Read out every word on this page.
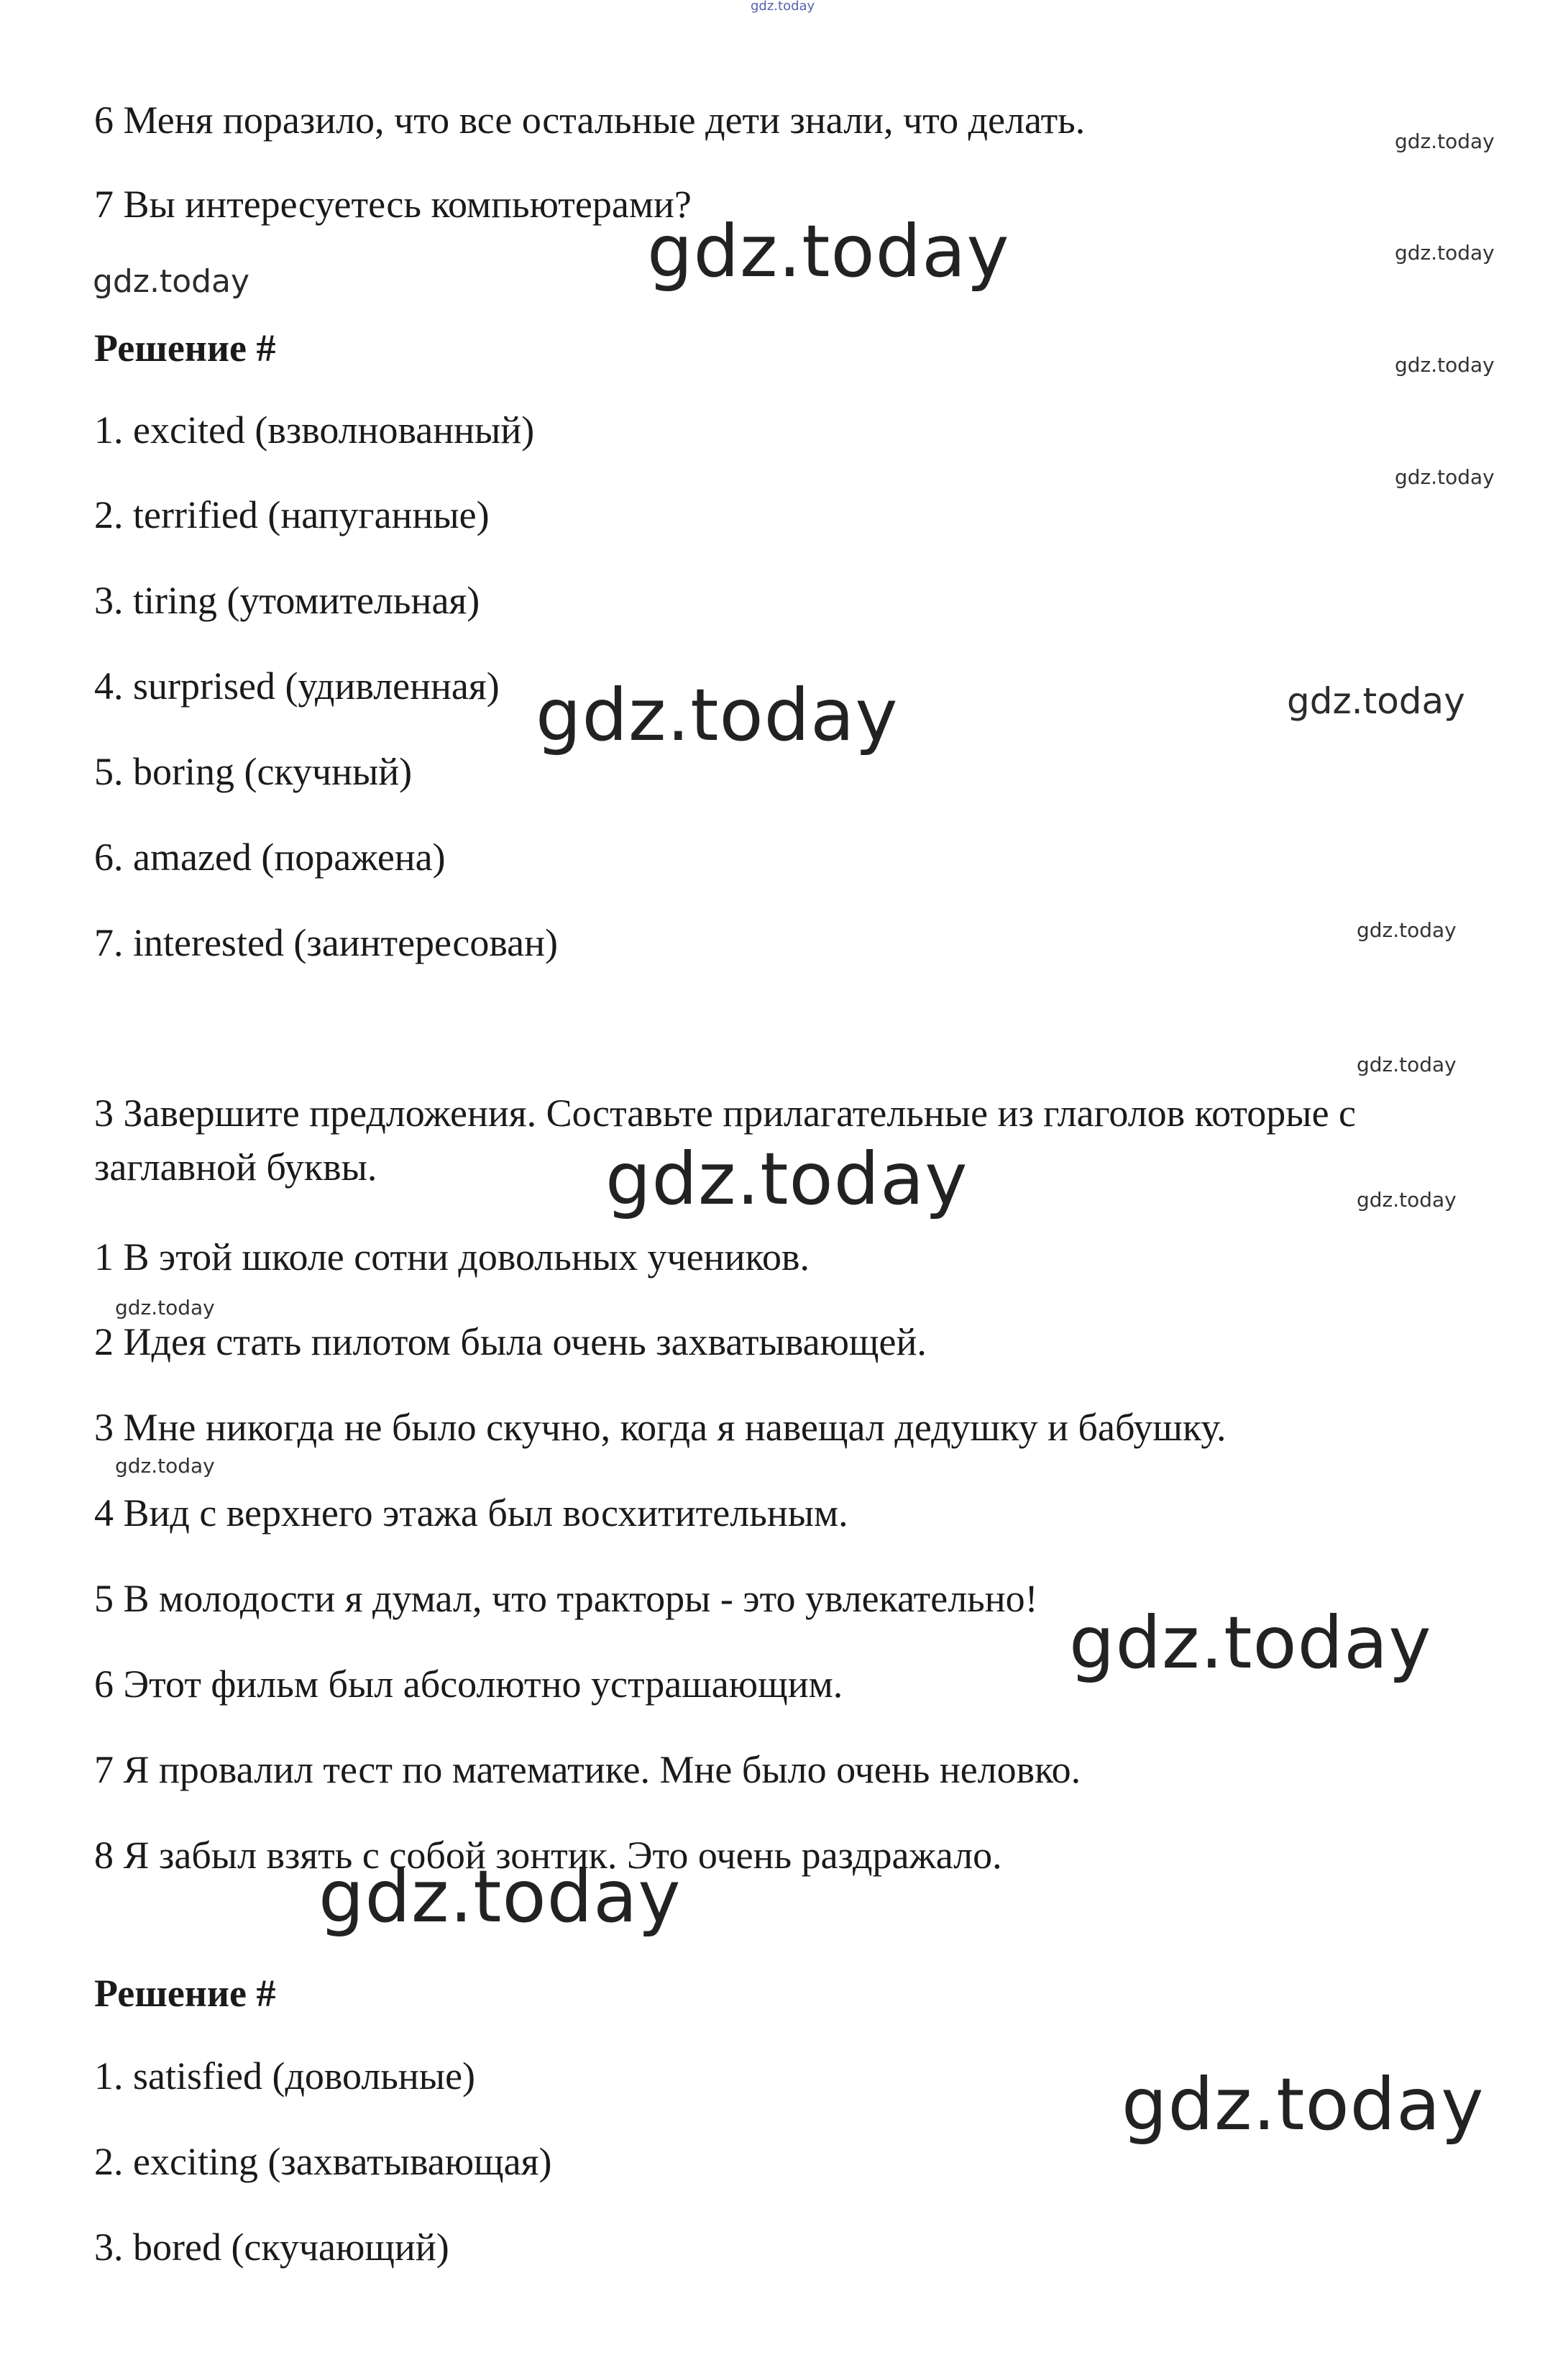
gdz.today
gdz.today
gdz.today
gdz.today
gdz.today
gdz.today
gdz.today
gdz.today
gdz.today
gdz.today
gdz.today
gdz.today
gdz.today
gdz.today
gdz.today
gdz.today
gdz.today
gdz.today

6 Меня поразило, что все остальные дети знали, что делать.

7 Вы интересуетесь компьютерами?

Решение #

1. excited (взволнованный)

2. terrified (напуганные)

3. tiring (утомительная)

4. surprised (удивленная)

5. boring (скучный)

6. amazed (поражена)

7. interested (заинтересован)

3 Завершите предложения. Составьте прилагательные из глаголов которые с заглавной буквы.

1 В этой школе сотни довольных учеников.

2 Идея стать пилотом была очень захватывающей.

3 Мне никогда не было скучно, когда я навещал дедушку и бабушку.

4 Вид с верхнего этажа был восхитительным.

5 В молодости я думал, что тракторы - это увлекательно!

6 Этот фильм был абсолютно устрашающим.

7 Я провалил тест по математике. Мне было очень неловко.

8 Я забыл взять с собой зонтик. Это очень раздражало.

Решение #

1. satisfied (довольные)

2. exciting (захватывающая)

3. bored (скучающий)
